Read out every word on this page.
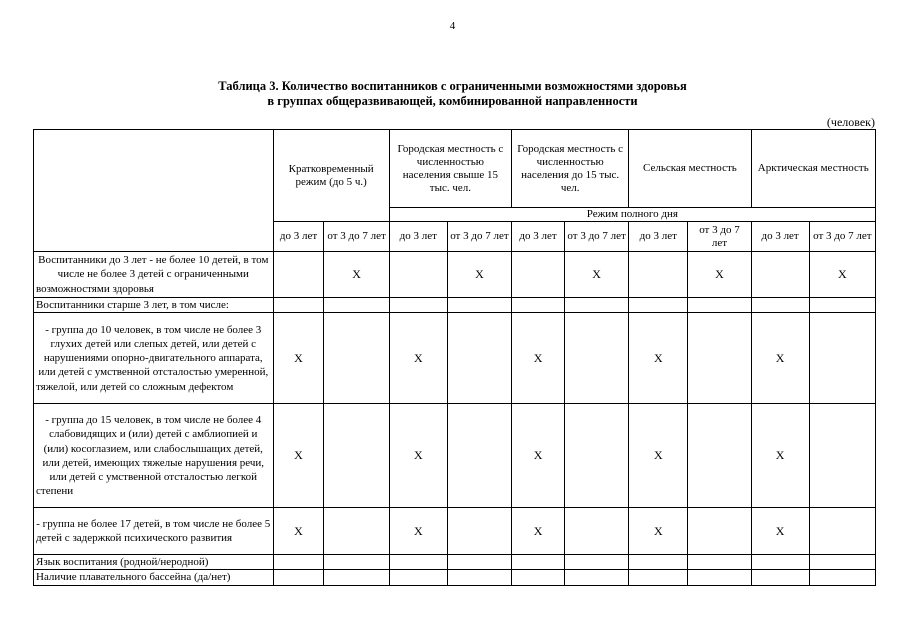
4
Таблица 3. Количество воспитанников с ограниченными возможностями здоровья
в группах общеразвивающей, комбинированной направленности
(человек)
	Кратковременный режим (до 5 ч.)		Городская местность с численностью населения свыше 15 тыс. чел.		Городская местность с численностью населения до 15 тыс. чел.		Сельская местность		Арктическая местность	
			Режим полного дня							
	до 3 лет	от 3 до 7 лет	до 3 лет	от 3 до 7 лет	до 3 лет	от 3 до 7 лет	до 3 лет	от 3 до 7 лет	до 3 лет	от 3 до 7 лет
Воспитанники до 3 лет - не более 10 детей, в том числе не более 3 детей с ограниченными возможностями здоровья		X		X		X		X		X
Воспитанники старше 3 лет, в том числе:										
- группа до 10 человек, в том числе не более 3 глухих детей или слепых детей, или детей с нарушениями опорно-двигательного аппарата, или детей с умственной отсталостью умеренной, тяжелой, или детей со сложным дефектом	X		X		X		X		X	
- группа до 15 человек, в том числе не более 4 слабовидящих и (или) детей с амблиопией и (или) косоглазием, или слабослышащих детей, или детей, имеющих тяжелые нарушения речи, или детей с умственной отсталостью легкой степени	X		X		X		X		X	
- группа не более 17 детей, в том числе не более 5 детей с задержкой психического развития	X		X		X		X		X	
Язык воспитания (родной/неродной)										
Наличие плавательного бассейна (да/нет)										
